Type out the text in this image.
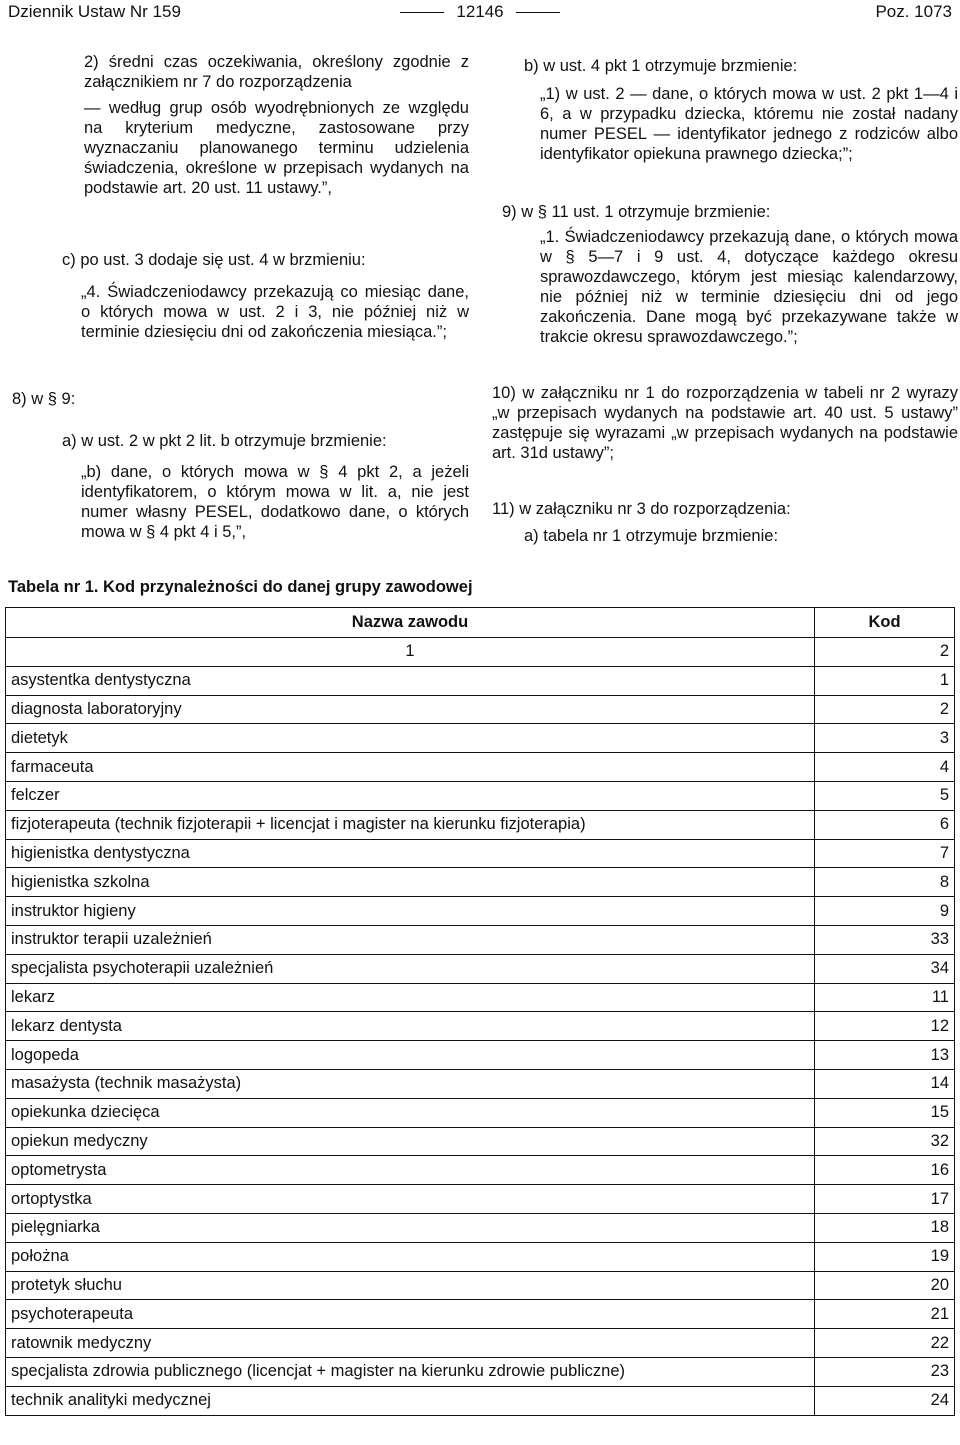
Dziennik Ustaw Nr 159	12146	Poz. 1073

2) średni czas oczekiwania, określony zgodnie z załącznikiem nr 7 do rozporządzenia

— według grup osób wyodrębnionych ze względu na kryterium medyczne, zastosowane przy wyznaczaniu planowanego terminu udzielenia świadczenia, określone w przepisach wydanych na podstawie art. 20 ust. 11 ustawy.”,

c) po ust. 3 dodaje się ust. 4 w brzmieniu:

„4. Świadczeniodawcy przekazują co miesiąc dane, o których mowa w ust. 2 i 3, nie później niż w terminie dziesięciu dni od zakończenia miesiąca.”;

8) w § 9:

a) w ust. 2 w pkt 2 lit. b otrzymuje brzmienie:

„b) dane, o których mowa w § 4 pkt 2, a jeżeli identyfikatorem, o którym mowa w lit. a, nie jest numer własny PESEL, dodatkowo dane, o których mowa w § 4 pkt 4 i 5,”,

b) w ust. 4 pkt 1 otrzymuje brzmienie:

„1) w ust. 2 — dane, o których mowa w ust. 2 pkt 1—4 i 6, a w przypadku dziecka, któremu nie został nadany numer PESEL — identyfikator jednego z rodziców albo identyfikator opiekuna prawnego dziecka;”;

9) w § 11 ust. 1 otrzymuje brzmienie:

„1. Świadczeniodawcy przekazują dane, o których mowa w § 5—7 i 9 ust. 4, dotyczące każdego okresu sprawozdawczego, którym jest miesiąc kalendarzowy, nie później niż w terminie dziesięciu dni od jego zakończenia. Dane mogą być przekazywane także w trakcie okresu sprawozdawczego.”;

10) w załączniku nr 1 do rozporządzenia w tabeli nr 2 wyrazy „w przepisach wydanych na podstawie art. 40 ust. 5 ustawy” zastępuje się wyrazami „w przepisach wydanych na podstawie art. 31d ustawy”;

11) w załączniku nr 3 do rozporządzenia:

a) tabela nr 1 otrzymuje brzmienie:

Tabela nr 1. Kod przynależności do danej grupy zawodowej
Nazwa zawodu	Kod
1	2
asystentka dentystyczna	1
diagnosta laboratoryjny	2
dietetyk	3
farmaceuta	4
felczer	5
fizjoterapeuta (technik fizjoterapii + licencjat i magister na kierunku fizjoterapia)	6
higienistka dentystyczna	7
higienistka szkolna	8
instruktor higieny	9
instruktor terapii uzależnień	33
specjalista psychoterapii uzależnień	34
lekarz	11
lekarz dentysta	12
logopeda	13
masażysta (technik masażysta)	14
opiekunka dziecięca	15
opiekun medyczny	32
optometrysta	16
ortoptystka	17
pielęgniarka	18
położna	19
protetyk słuchu	20
psychoterapeuta	21
ratownik medyczny	22
specjalista zdrowia publicznego (licencjat + magister na kierunku zdrowie publiczne)	23
technik analityki medycznej	24
